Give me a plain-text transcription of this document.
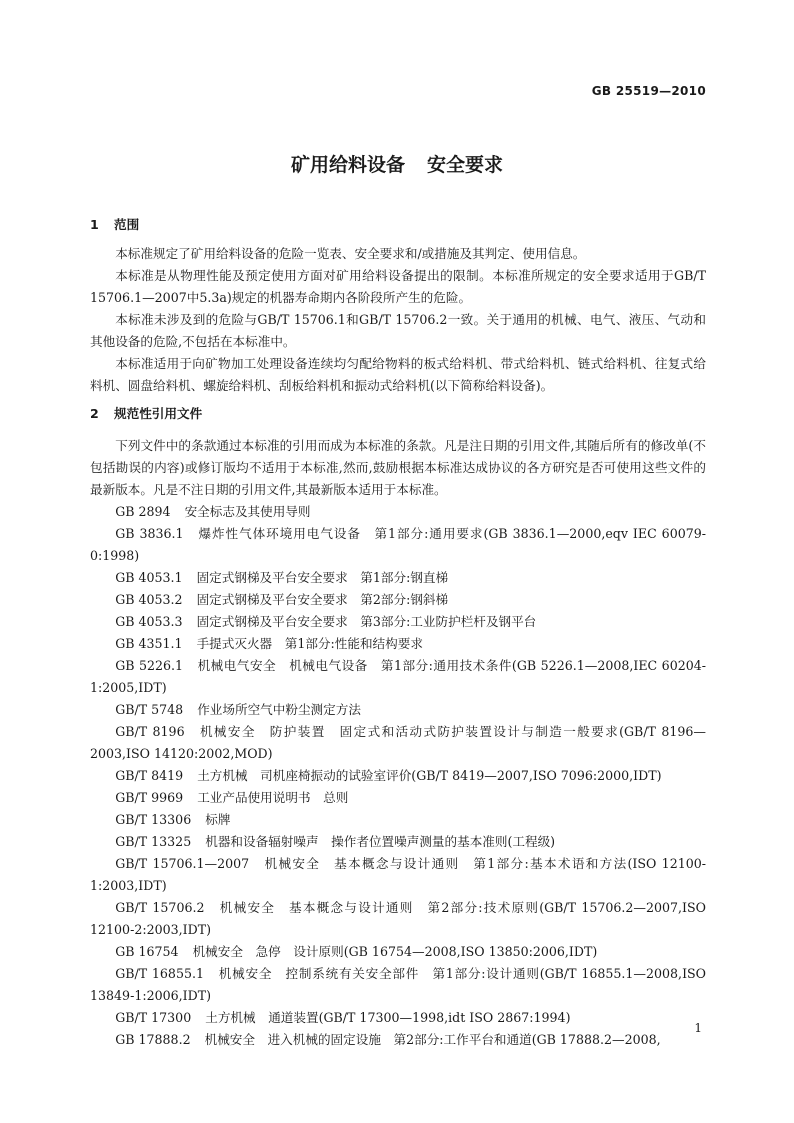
GB 25519—2010
矿用给料设备 安全要求
1 范围

本标准规定了矿用给料设备的危险一览表、安全要求和/或措施及其判定、使用信息。

本标准是从物理性能及预定使用方面对矿用给料设备提出的限制。本标准所规定的安全要求适用于GB/T 15706.1—2007中5.3a)规定的机器寿命期内各阶段所产生的危险。

本标准未涉及到的危险与GB/T 15706.1和GB/T 15706.2一致。关于通用的机械、电气、液压、气动和其他设备的危险,不包括在本标准中。

本标准适用于向矿物加工处理设备连续均匀配给物料的板式给料机、带式给料机、链式给料机、往复式给料机、圆盘给料机、螺旋给料机、刮板给料机和振动式给料机(以下简称给料设备)。

2 规范性引用文件

下列文件中的条款通过本标准的引用而成为本标准的条款。凡是注日期的引用文件,其随后所有的修改单(不包括勘误的内容)或修订版均不适用于本标准,然而,鼓励根据本标准达成协议的各方研究是否可使用这些文件的最新版本。凡是不注日期的引用文件,其最新版本适用于本标准。

GB 2894 安全标志及其使用导则

GB 3836.1 爆炸性气体环境用电气设备　第1部分:通用要求(GB 3836.1—2000,eqv IEC 60079-0:1998)

GB 4053.1 固定式钢梯及平台安全要求　第1部分:钢直梯

GB 4053.2 固定式钢梯及平台安全要求　第2部分:钢斜梯

GB 4053.3 固定式钢梯及平台安全要求　第3部分:工业防护栏杆及钢平台

GB 4351.1 手提式灭火器　第1部分:性能和结构要求

GB 5226.1 机械电气安全　机械电气设备　第1部分:通用技术条件(GB 5226.1—2008,IEC 60204-1:2005,IDT)

GB/T 5748 作业场所空气中粉尘测定方法

GB/T 8196 机械安全　防护装置　固定式和活动式防护装置设计与制造一般要求(GB/T 8196—2003,ISO 14120:2002,MOD)

GB/T 8419 土方机械　司机座椅振动的试验室评价(GB/T 8419—2007,ISO 7096:2000,IDT)

GB/T 9969 工业产品使用说明书　总则

GB/T 13306 标牌

GB/T 13325 机器和设备辐射噪声　操作者位置噪声测量的基本准则(工程级)

GB/T 15706.1—2007 机械安全　基本概念与设计通则　第1部分:基本术语和方法(ISO 12100-1:2003,IDT)

GB/T 15706.2 机械安全　基本概念与设计通则　第2部分:技术原则(GB/T 15706.2—2007,ISO 12100-2:2003,IDT)

GB 16754 机械安全　急停　设计原则(GB 16754—2008,ISO 13850:2006,IDT)

GB/T 16855.1 机械安全　控制系统有关安全部件　第1部分:设计通则(GB/T 16855.1—2008,ISO 13849-1:2006,IDT)

GB/T 17300 土方机械　通道装置(GB/T 17300—1998,idt ISO 2867:1994)

GB 17888.2 机械安全　进入机械的固定设施　第2部分:工作平台和通道(GB 17888.2—2008,

1
